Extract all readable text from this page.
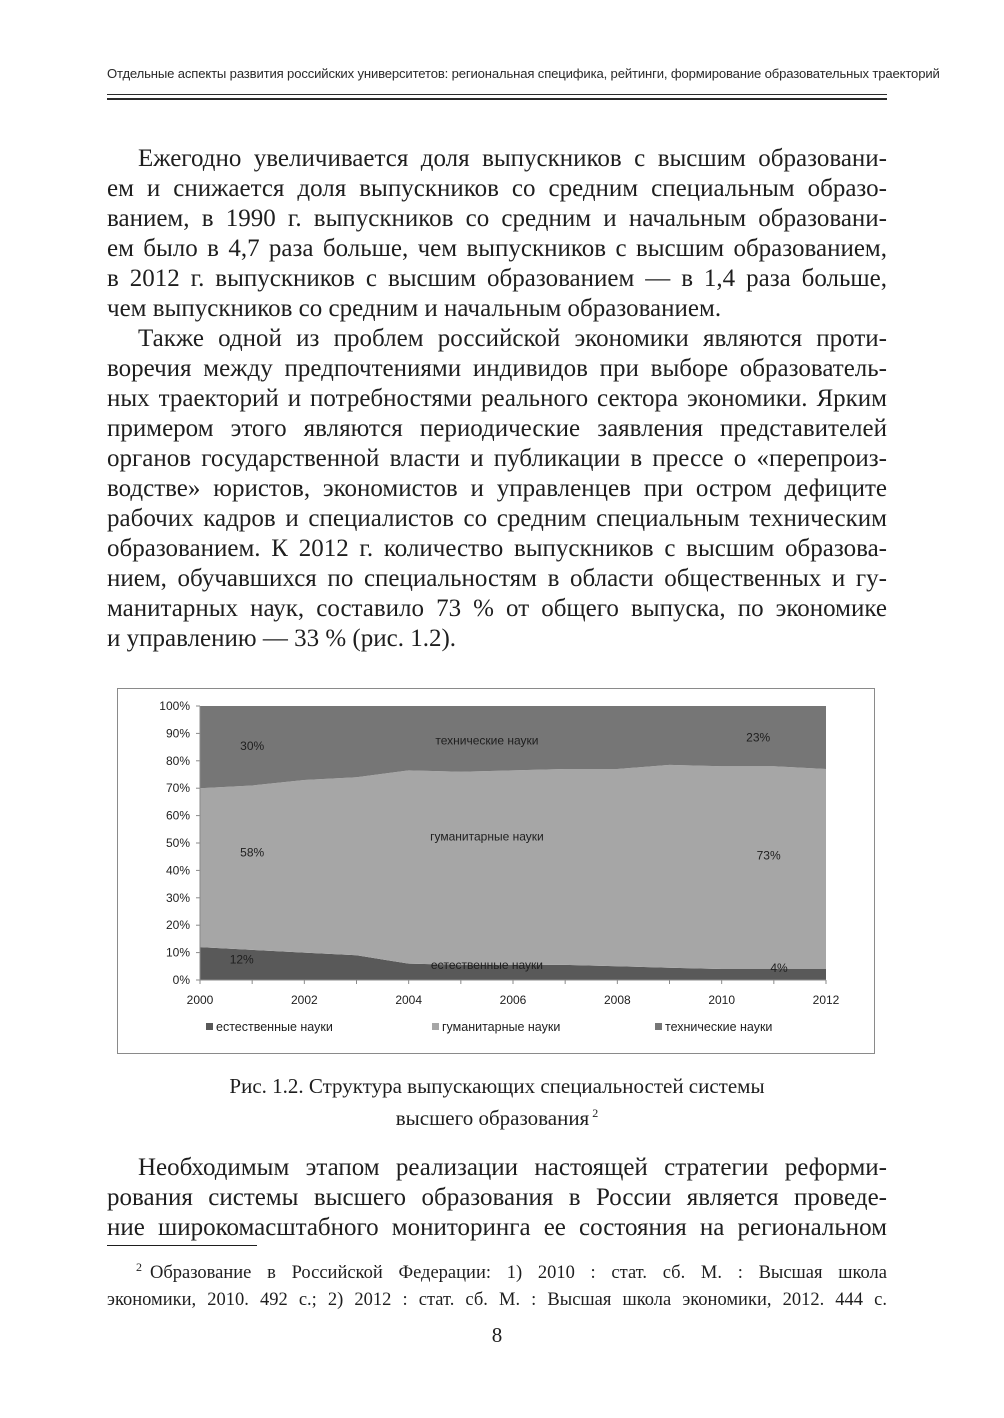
Отдельные аспекты развития российских университетов: региональная специфика, рейтинги, формирование образовательных траекторий
Ежегодно увеличивается доля выпускников с высшим образовани-
ем и снижается доля выпускников со средним специальным образо-
ванием, в 1990 г. выпускников со средним и начальным образовани-
ем было в 4,7 раза больше, чем выпускников с высшим образованием,
в 2012 г. выпускников с высшим образованием — в 1,4 раза больше,
чем выпускников со средним и начальным образованием.
Также одной из проблем российской экономики являются проти-
воречия между предпочтениями индивидов при выборе образователь-
ных траекторий и потребностями реального сектора экономики. Ярким
примером этого являются периодические заявления представителей
органов государственной власти и публикации в прессе о «перепроиз-
водстве» юристов, экономистов и управленцев при остром дефиците
рабочих кадров и специалистов со средним специальным техническим
образованием. К 2012 г. количество выпускников с высшим образова-
нием, обучавшихся по специальностям в области общественных и гу-
манитарных наук, составило 73 % от общего выпуска, по экономике
и управлению — 33 % (рис. 1.2).
0%
10%
20%
30%
40%
50%
60%
70%
80%
90%
100%
2000	2002	2004	2006	2008	2010	2012
30%	технические науки	23%
гуманитарные науки
58%	73%
12%	естественные науки	4%
естественные науки	гуманитарные науки	технические науки
Рис. 1.2. Структура выпускающих специальностей системы
высшего образования $^2$
Необходимым этапом реализации настоящей стратегии реформи-
рования системы высшего образования в России является проведе-
ние широкомасштабного мониторинга ее состояния на региональном
$^2$ Образование в Российской Федерации: 1) 2010 : стат. сб. М. : Высшая школа
экономики, 2010. 492 с.; 2) 2012 : стат. сб. М. : Высшая школа экономики, 2012. 444 с.
8
